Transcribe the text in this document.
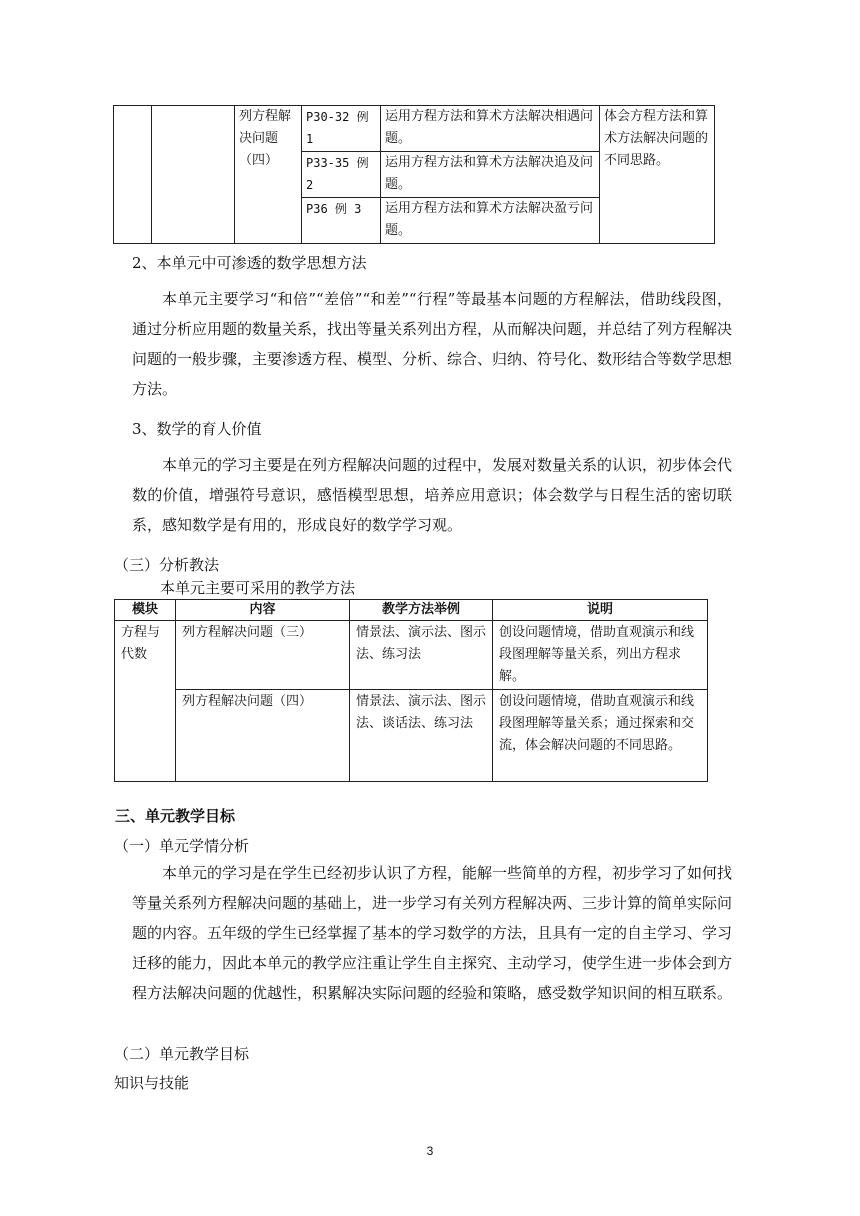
		列方程解决问题（四）	P30-32 例 1	运用方程方法和算术方法解决相遇问题。	体会方程方法和算术方法解决问题的不同思路。
			P33-35 例 2	运用方程方法和算术方法解决追及问题。	
			P36 例 3	运用方程方法和算术方法解决盈亏问题。	
2、本单元中可渗透的数学思想方法
本单元主要学习“和倍”“差倍”“和差”“行程”等最基本问题的方程解法，借助线段图，通过分析应用题的数量关系，找出等量关系列出方程，从而解决问题，并总结了列方程解决问题的一般步骤，主要渗透方程、模型、分析、综合、归纳、符号化、数形结合等数学思想方法。
3、数学的育人价值
本单元的学习主要是在列方程解决问题的过程中，发展对数量关系的认识，初步体会代数的价值，增强符号意识，感悟模型思想，培养应用意识；体会数学与日程生活的密切联系，感知数学是有用的，形成良好的数学学习观。
（三）分析教法
本单元主要可采用的教学方法
模块	内容	教学方法举例	说明
方程与代数	列方程解决问题（三）	情景法、演示法、图示法、练习法	创设问题情境，借助直观演示和线段图理解等量关系，列出方程求解。
	列方程解决问题（四）	情景法、演示法、图示法、谈话法、练习法	创设问题情境，借助直观演示和线段图理解等量关系；通过探索和交流，体会解决问题的不同思路。
三、单元教学目标
（一）单元学情分析
本单元的学习是在学生已经初步认识了方程，能解一些简单的方程，初步学习了如何找等量关系列方程解决问题的基础上，进一步学习有关列方程解决两、三步计算的简单实际问题的内容。五年级的学生已经掌握了基本的学习数学的方法，且具有一定的自主学习、学习迁移的能力，因此本单元的教学应注重让学生自主探究、主动学习，使学生进一步体会到方程方法解决问题的优越性，积累解决实际问题的经验和策略，感受数学知识间的相互联系。
（二）单元教学目标
知识与技能
3
